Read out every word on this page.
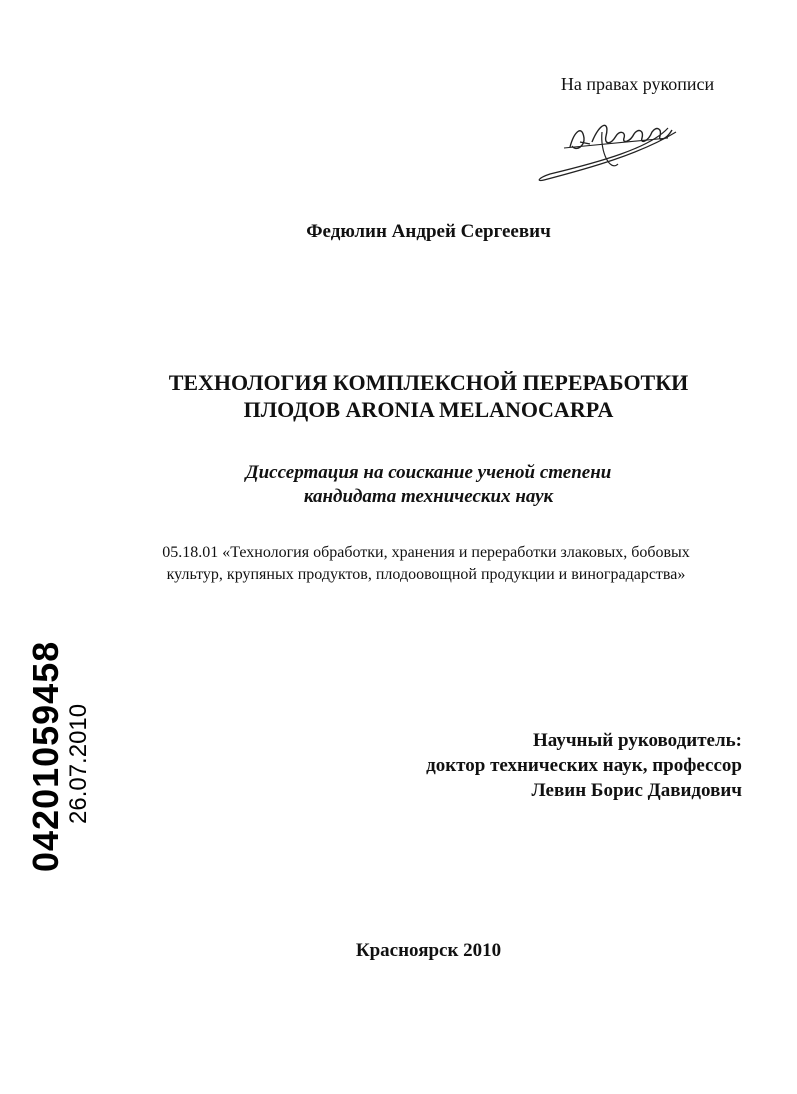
На правах рукописи
Федюлин Андрей Сергеевич
ТЕХНОЛОГИЯ КОМПЛЕКСНОЙ ПЕРЕРАБОТКИ
ПЛОДОВ ARONIA MELANOCARPA
Диссертация на соискание ученой степени
кандидата технических наук
05.18.01 «Технология обработки, хранения и переработки злаковых, бобовых
культур, крупяных продуктов, плодоовощной продукции и виноградарства»
Научный руководитель:
доктор технических наук, профессор
Левин Борис Давидович
Красноярск 2010
04201059458 26.07.2010
